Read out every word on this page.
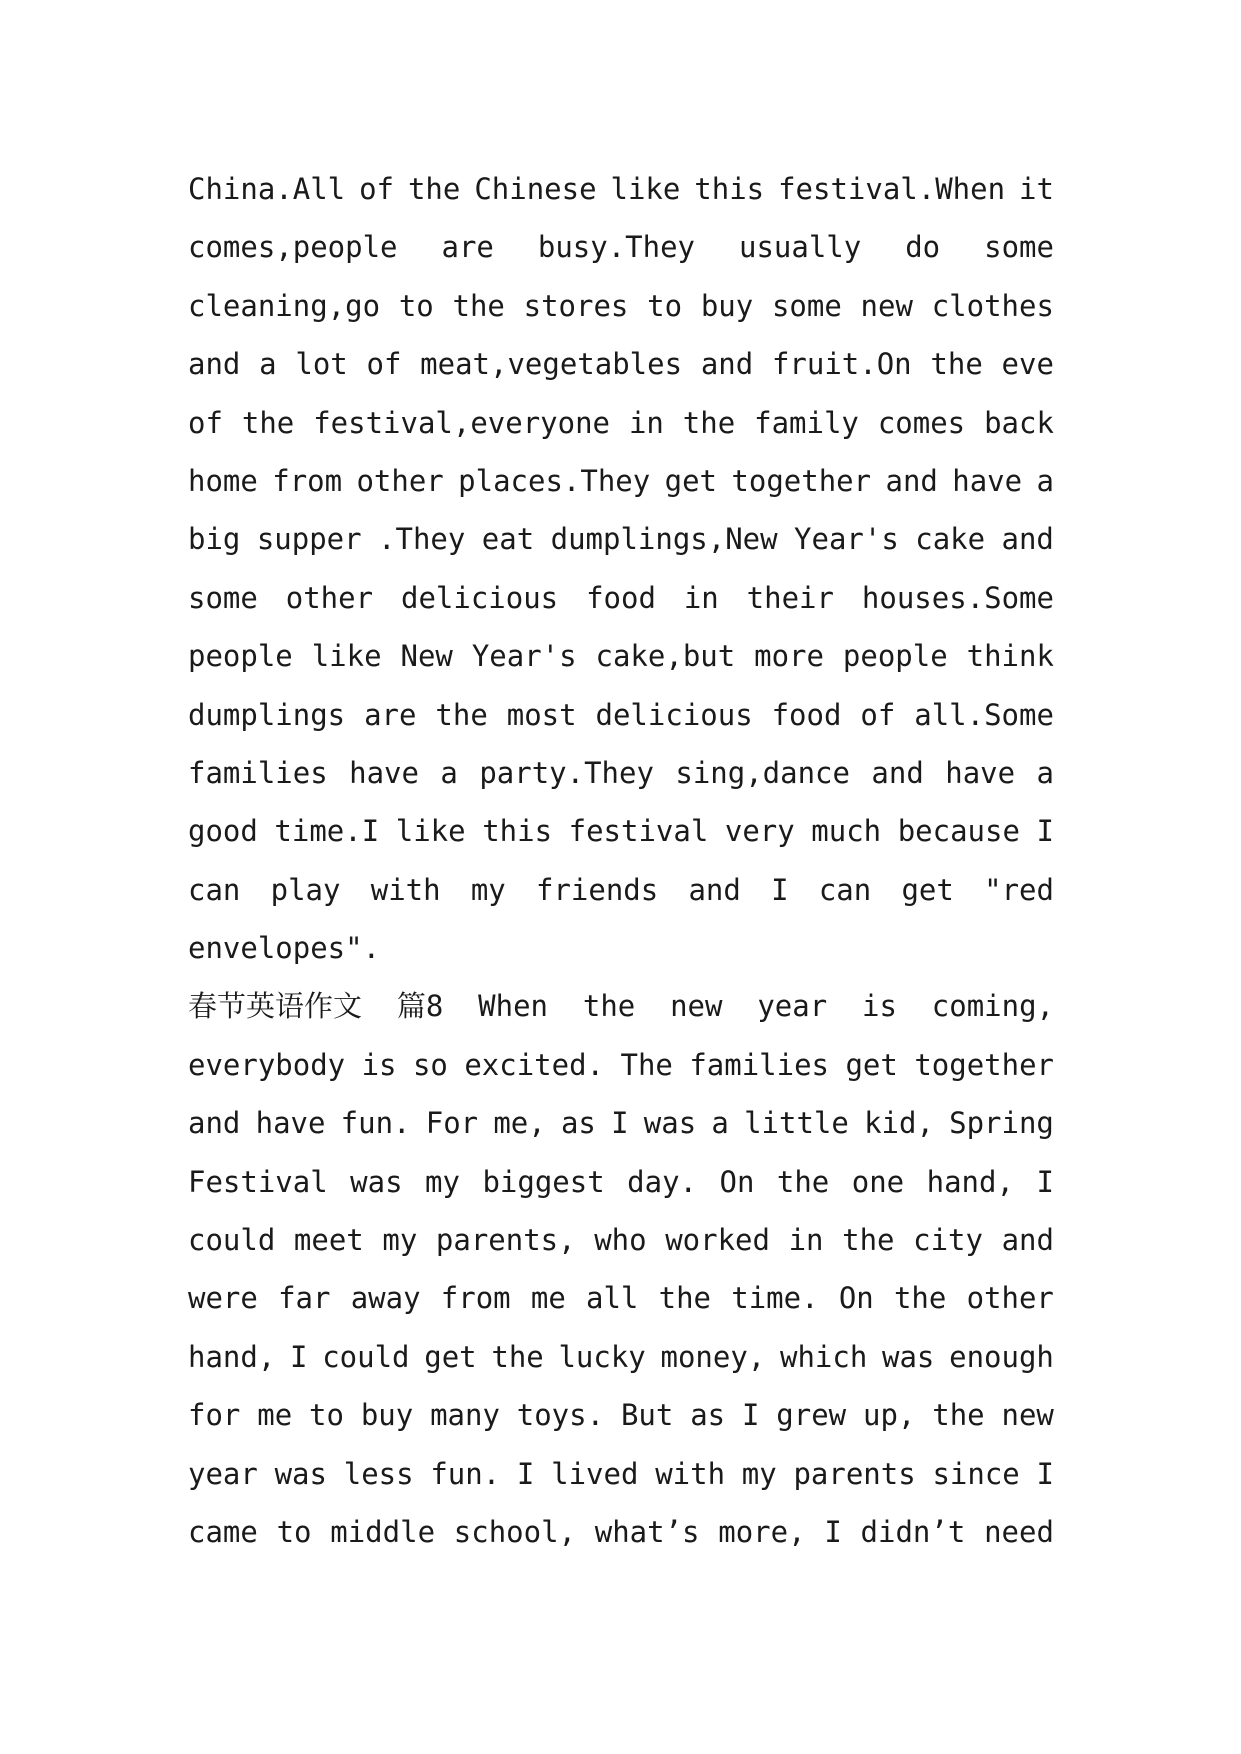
China.All of the Chinese like this festival.When it
comes,people are busy.They usually do some
cleaning,go to the stores to buy some new clothes
and a lot of meat,vegetables and fruit.On the eve
of the festival,everyone in the family comes back
home from other places.They get together and have a
big supper .They eat dumplings,New Year's cake and
some other delicious food in their houses.Some
people like New Year's cake,but more people think
dumplings are the most delicious food of all.Some
families have a party.They sing,dance and have a
good time.I like this festival very much because I
can play with my friends and I can get "red
envelopes".
春节英语作文 篇8 When the new year is coming,
everybody is so excited. The families get together
and have fun. For me, as I was a little kid, Spring
Festival was my biggest day. On the one hand, I
could meet my parents, who worked in the city and
were far away from me all the time. On the other
hand, I could get the lucky money, which was enough
for me to buy many toys. But as I grew up, the new
year was less fun. I lived with my parents since I
came to middle school, what’s more, I didn’t need
